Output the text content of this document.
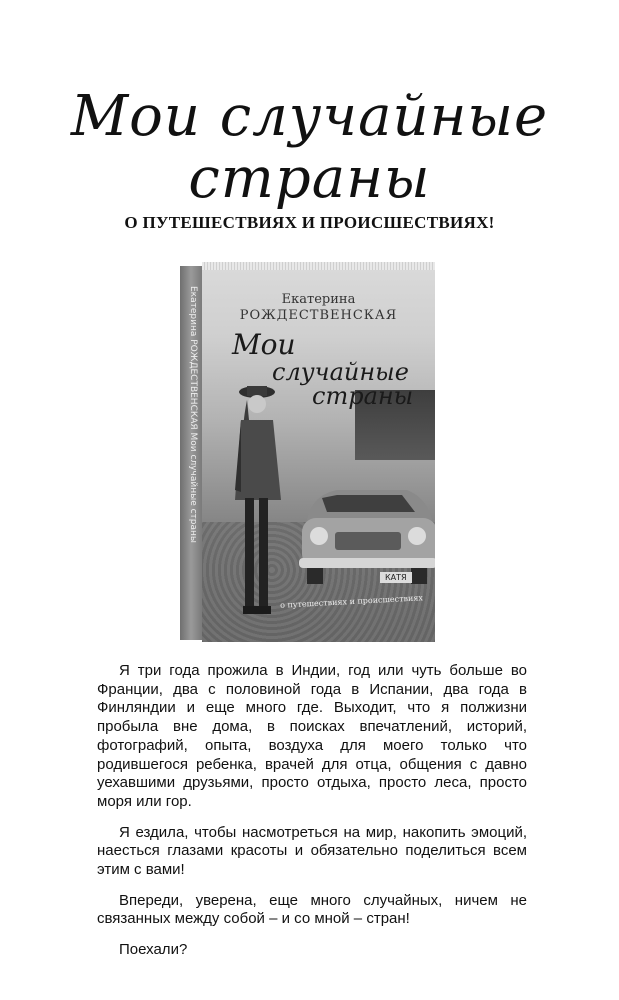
Мои случайные
страны
О ПУТЕШЕСТВИЯХ И ПРОИСШЕСТВИЯХ!
Екатерина РОЖДЕСТВЕНСКАЯ Мои случайные страны	Екатерина
РОЖДЕСТВЕНСКАЯ
Мои
случайные
страны
КАТЯ
о путешествиях и происшествиях

Я три года прожила в Индии, год или чуть больше во Франции, два с половиной года в Испании, два года в Финляндии и еще много где. Выходит, что я полжизни пробыла вне дома, в поисках впечатлений, историй, фотографий, опыта, воздуха для моего только что родившегося ребенка, врачей для отца, общения с давно уехавшими друзьями, просто отдыха, просто леса, просто моря или гор.

Я ездила, чтобы насмотреться на мир, накопить эмоций, наесться глазами красоты и обязательно поделиться всем этим с вами!

Впереди, уверена, еще много случайных, ничем не связанных между собой – и со мной – стран!

Поехали?
